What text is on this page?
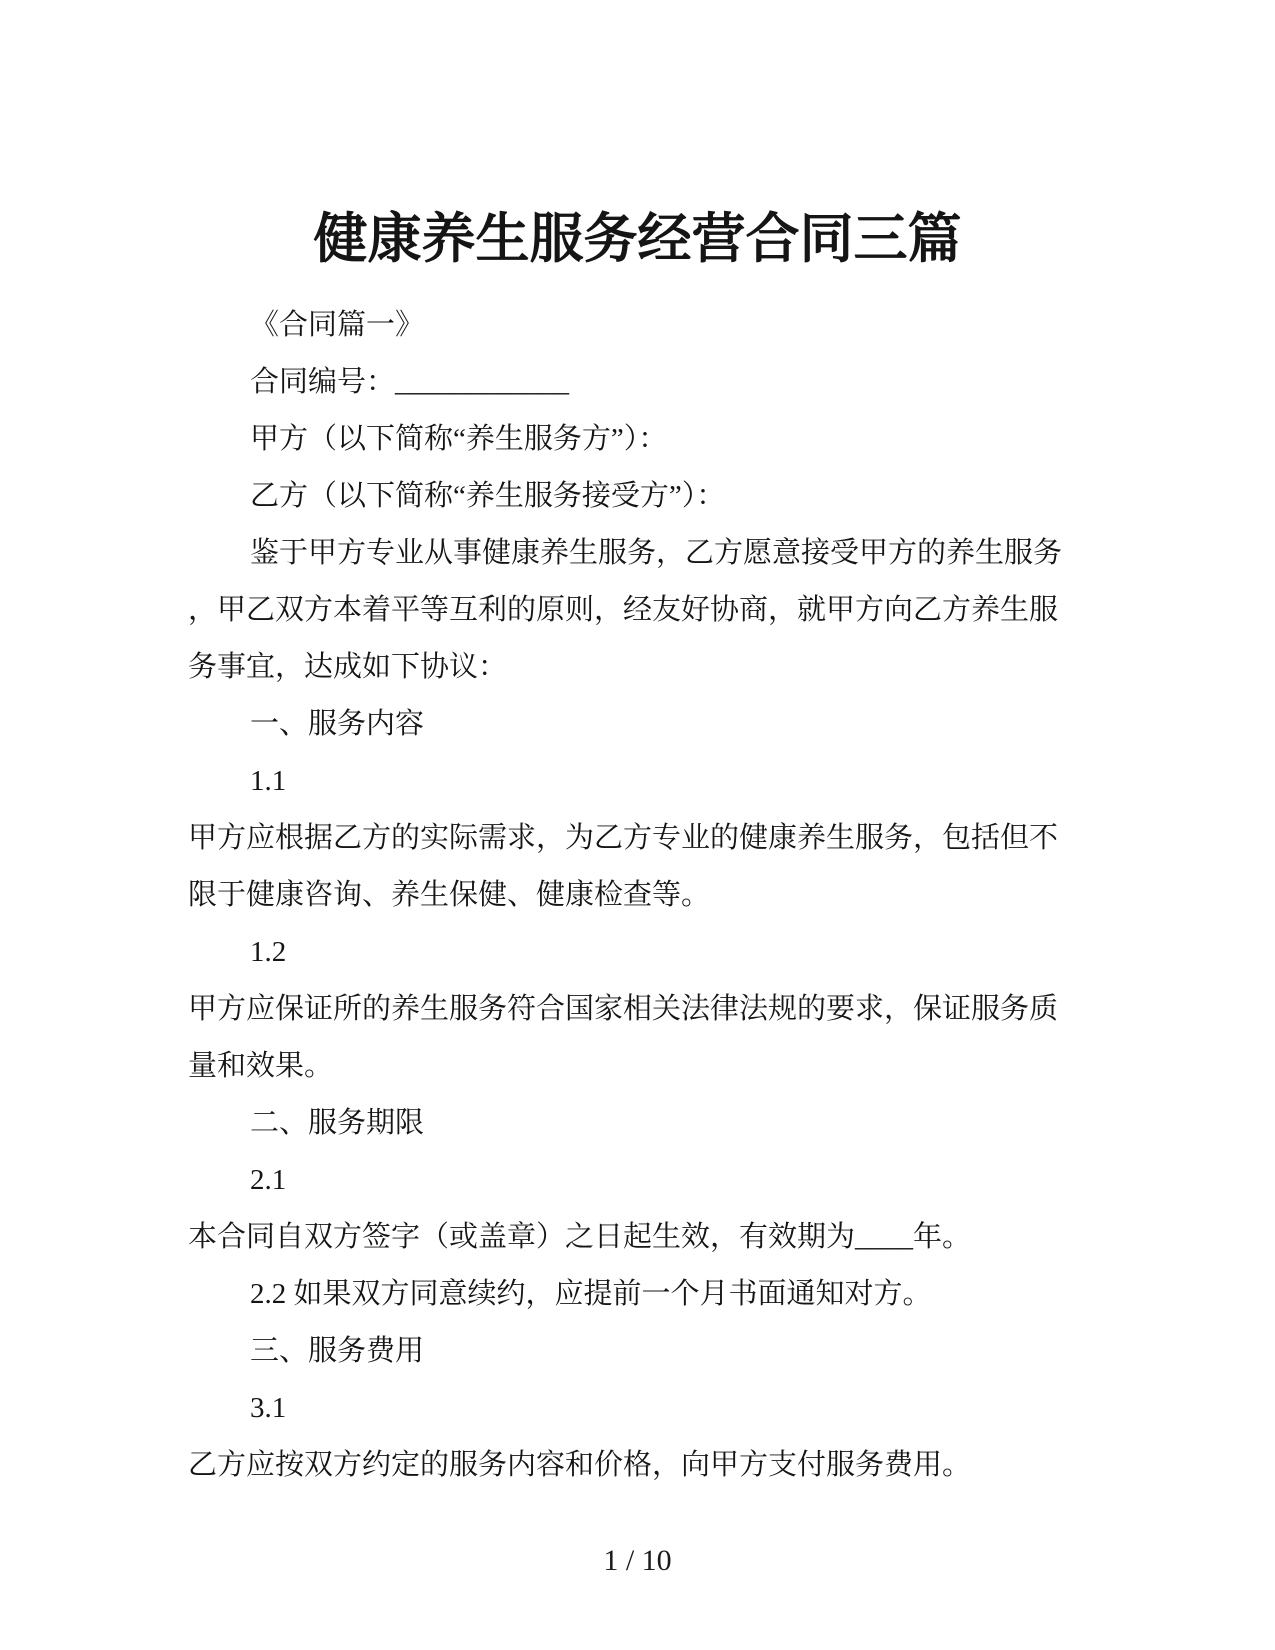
健康养生服务经营合同三篇
《合同篇一》
合同编号：____________
甲方（以下简称“养生服务方”）：
乙方（以下简称“养生服务接受方”）：
鉴于甲方专业从事健康养生服务，乙方愿意接受甲方的养生服务
，甲乙双方本着平等互利的原则，经友好协商，就甲方向乙方养生服
务事宜，达成如下协议：
一、服务内容
1.1
甲方应根据乙方的实际需求，为乙方专业的健康养生服务，包括但不
限于健康咨询、养生保健、健康检查等。
1.2
甲方应保证所的养生服务符合国家相关法律法规的要求，保证服务质
量和效果。
二、服务期限
2.1
本合同自双方签字（或盖章）之日起生效，有效期为____年。
2.2 如果双方同意续约，应提前一个月书面通知对方。
三、服务费用
3.1
乙方应按双方约定的服务内容和价格，向甲方支付服务费用。
1 / 10
